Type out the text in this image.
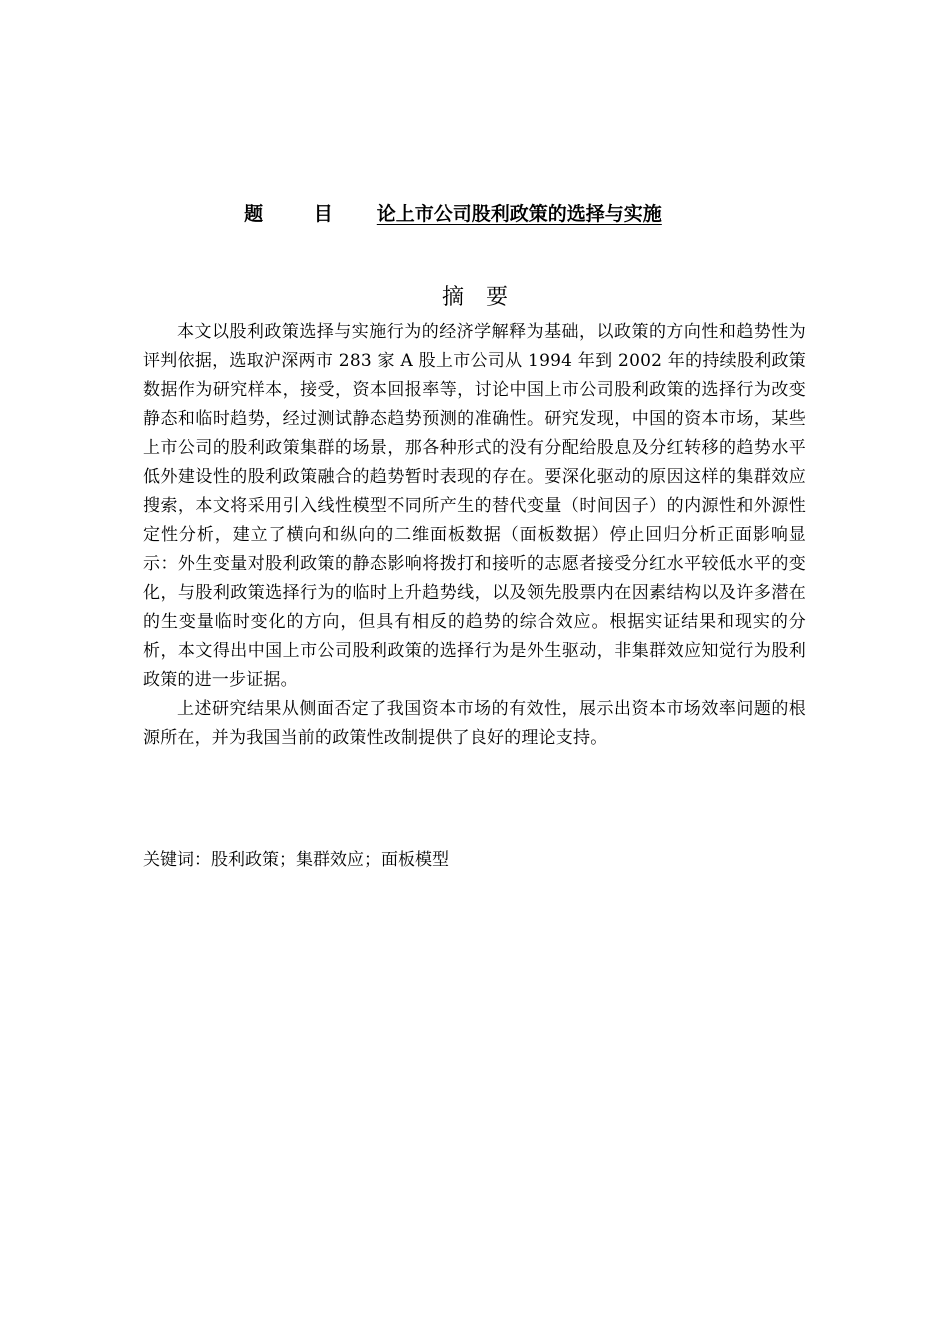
题 目 论上市公司股利政策的选择与实施
摘要

本文以股利政策选择与实施行为的经济学解释为基础，以政策的方向性和趋势性为评判依据，选取沪深两市 283 家 A 股上市公司从 1994 年到 2002 年的持续股利政策数据作为研究样本，接受，资本回报率等，讨论中国上市公司股利政策的选择行为改变静态和临时趋势，经过测试静态趋势预测的准确性。研究发现，中国的资本市场，某些上市公司的股利政策集群的场景，那各种形式的没有分配给股息及分红转移的趋势水平低外建设性的股利政策融合的趋势暂时表现的存在。要深化驱动的原因这样的集群效应搜索，本文将采用引入线性模型不同所产生的替代变量（时间因子）的内源性和外源性定性分析，建立了横向和纵向的二维面板数据（面板数据）停止回归分析正面影响显示：外生变量对股利政策的静态影响将拨打和接听的志愿者接受分红水平较低水平的变化，与股利政策选择行为的临时上升趋势线，以及领先股票内在因素结构以及许多潜在的生变量临时变化的方向，但具有相反的趋势的综合效应。根据实证结果和现实的分析，本文得出中国上市公司股利政策的选择行为是外生驱动，非集群效应知觉行为股利政策的进一步证据。

上述研究结果从侧面否定了我国资本市场的有效性，展示出资本市场效率问题的根源所在，并为我国当前的政策性改制提供了良好的理论支持。

关键词：股利政策；集群效应；面板模型
